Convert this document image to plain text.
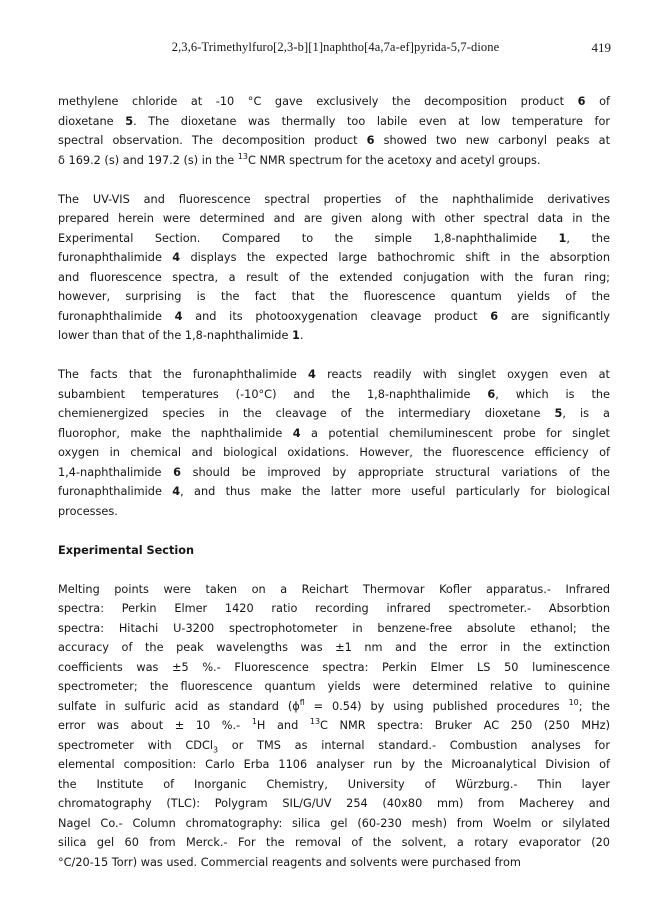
2,3,6-Trimethylfuro[2,3-b][1]naphtho[4a,7a-ef]pyrida-5,7-dione	419
methylene chloride at -10 °C gave exclusively the decomposition product 6 of
dioxetane 5. The dioxetane was thermally too labile even at low temperature for
spectral observation. The decomposition product 6 showed two new carbonyl peaks at
δ 169.2 (s) and 197.2 (s) in the $^{13}$C NMR spectrum for the acetoxy and acetyl groups.
The UV-VIS and fluorescence spectral properties of the naphthalimide derivatives
prepared herein were determined and are given along with other spectral data in the
Experimental Section. Compared to the simple 1,8-naphthalimide 1, the
furonaphthalimide 4 displays the expected large bathochromic shift in the absorption
and fluorescence spectra, a result of the extended conjugation with the furan ring;
however, surprising is the fact that the fluorescence quantum yields of the
furonaphthalimide 4 and its photooxygenation cleavage product 6 are significantly
lower than that of the 1,8-naphthalimide 1.
The facts that the furonaphthalimide 4 reacts readily with singlet oxygen even at
subambient temperatures (-10°C) and the 1,8-naphthalimide 6, which is the
chemienergized species in the cleavage of the intermediary dioxetane 5, is a
fluorophor, make the naphthalimide 4 a potential chemiluminescent probe for singlet
oxygen in chemical and biological oxidations. However, the fluorescence efficiency of
1,4-naphthalimide 6 should be improved by appropriate structural variations of the
furonaphthalimide 4, and thus make the latter more useful particularly for biological
processes.
Experimental Section
Melting points were taken on a Reichart Thermovar Kofler apparatus.- Infrared
spectra: Perkin Elmer 1420 ratio recording infrared spectrometer.- Absorbtion
spectra: Hitachi U-3200 spectrophotometer in benzene-free absolute ethanol; the
accuracy of the peak wavelengths was ±1 nm and the error in the extinction
coefficients was ±5 %.- Fluorescence spectra: Perkin Elmer LS 50 luminescence
spectrometer; the fluorescence quantum yields were determined relative to quinine
sulfate in sulfuric acid as standard $(\phi^{fl} = 0.54)$ by using published procedures $^{10}$; the
error was about ± 10 %.- $^1$H and $^{13}$C NMR spectra: Bruker AC 250 (250 MHz)
spectrometer with CDCl$_3$ or TMS as internal standard.- Combustion analyses for
elemental composition: Carlo Erba 1106 analyser run by the Microanalytical Division of
the Institute of Inorganic Chemistry, University of Würzburg.- Thin layer
chromatography (TLC): Polygram SIL/G/UV 254 (40x80 mm) from Macherey and
Nagel Co.- Column chromatography: silica gel (60-230 mesh) from Woelm or silylated
silica gel 60 from Merck.- For the removal of the solvent, a rotary evaporator (20
°C/20-15 Torr) was used. Commercial reagents and solvents were purchased from
